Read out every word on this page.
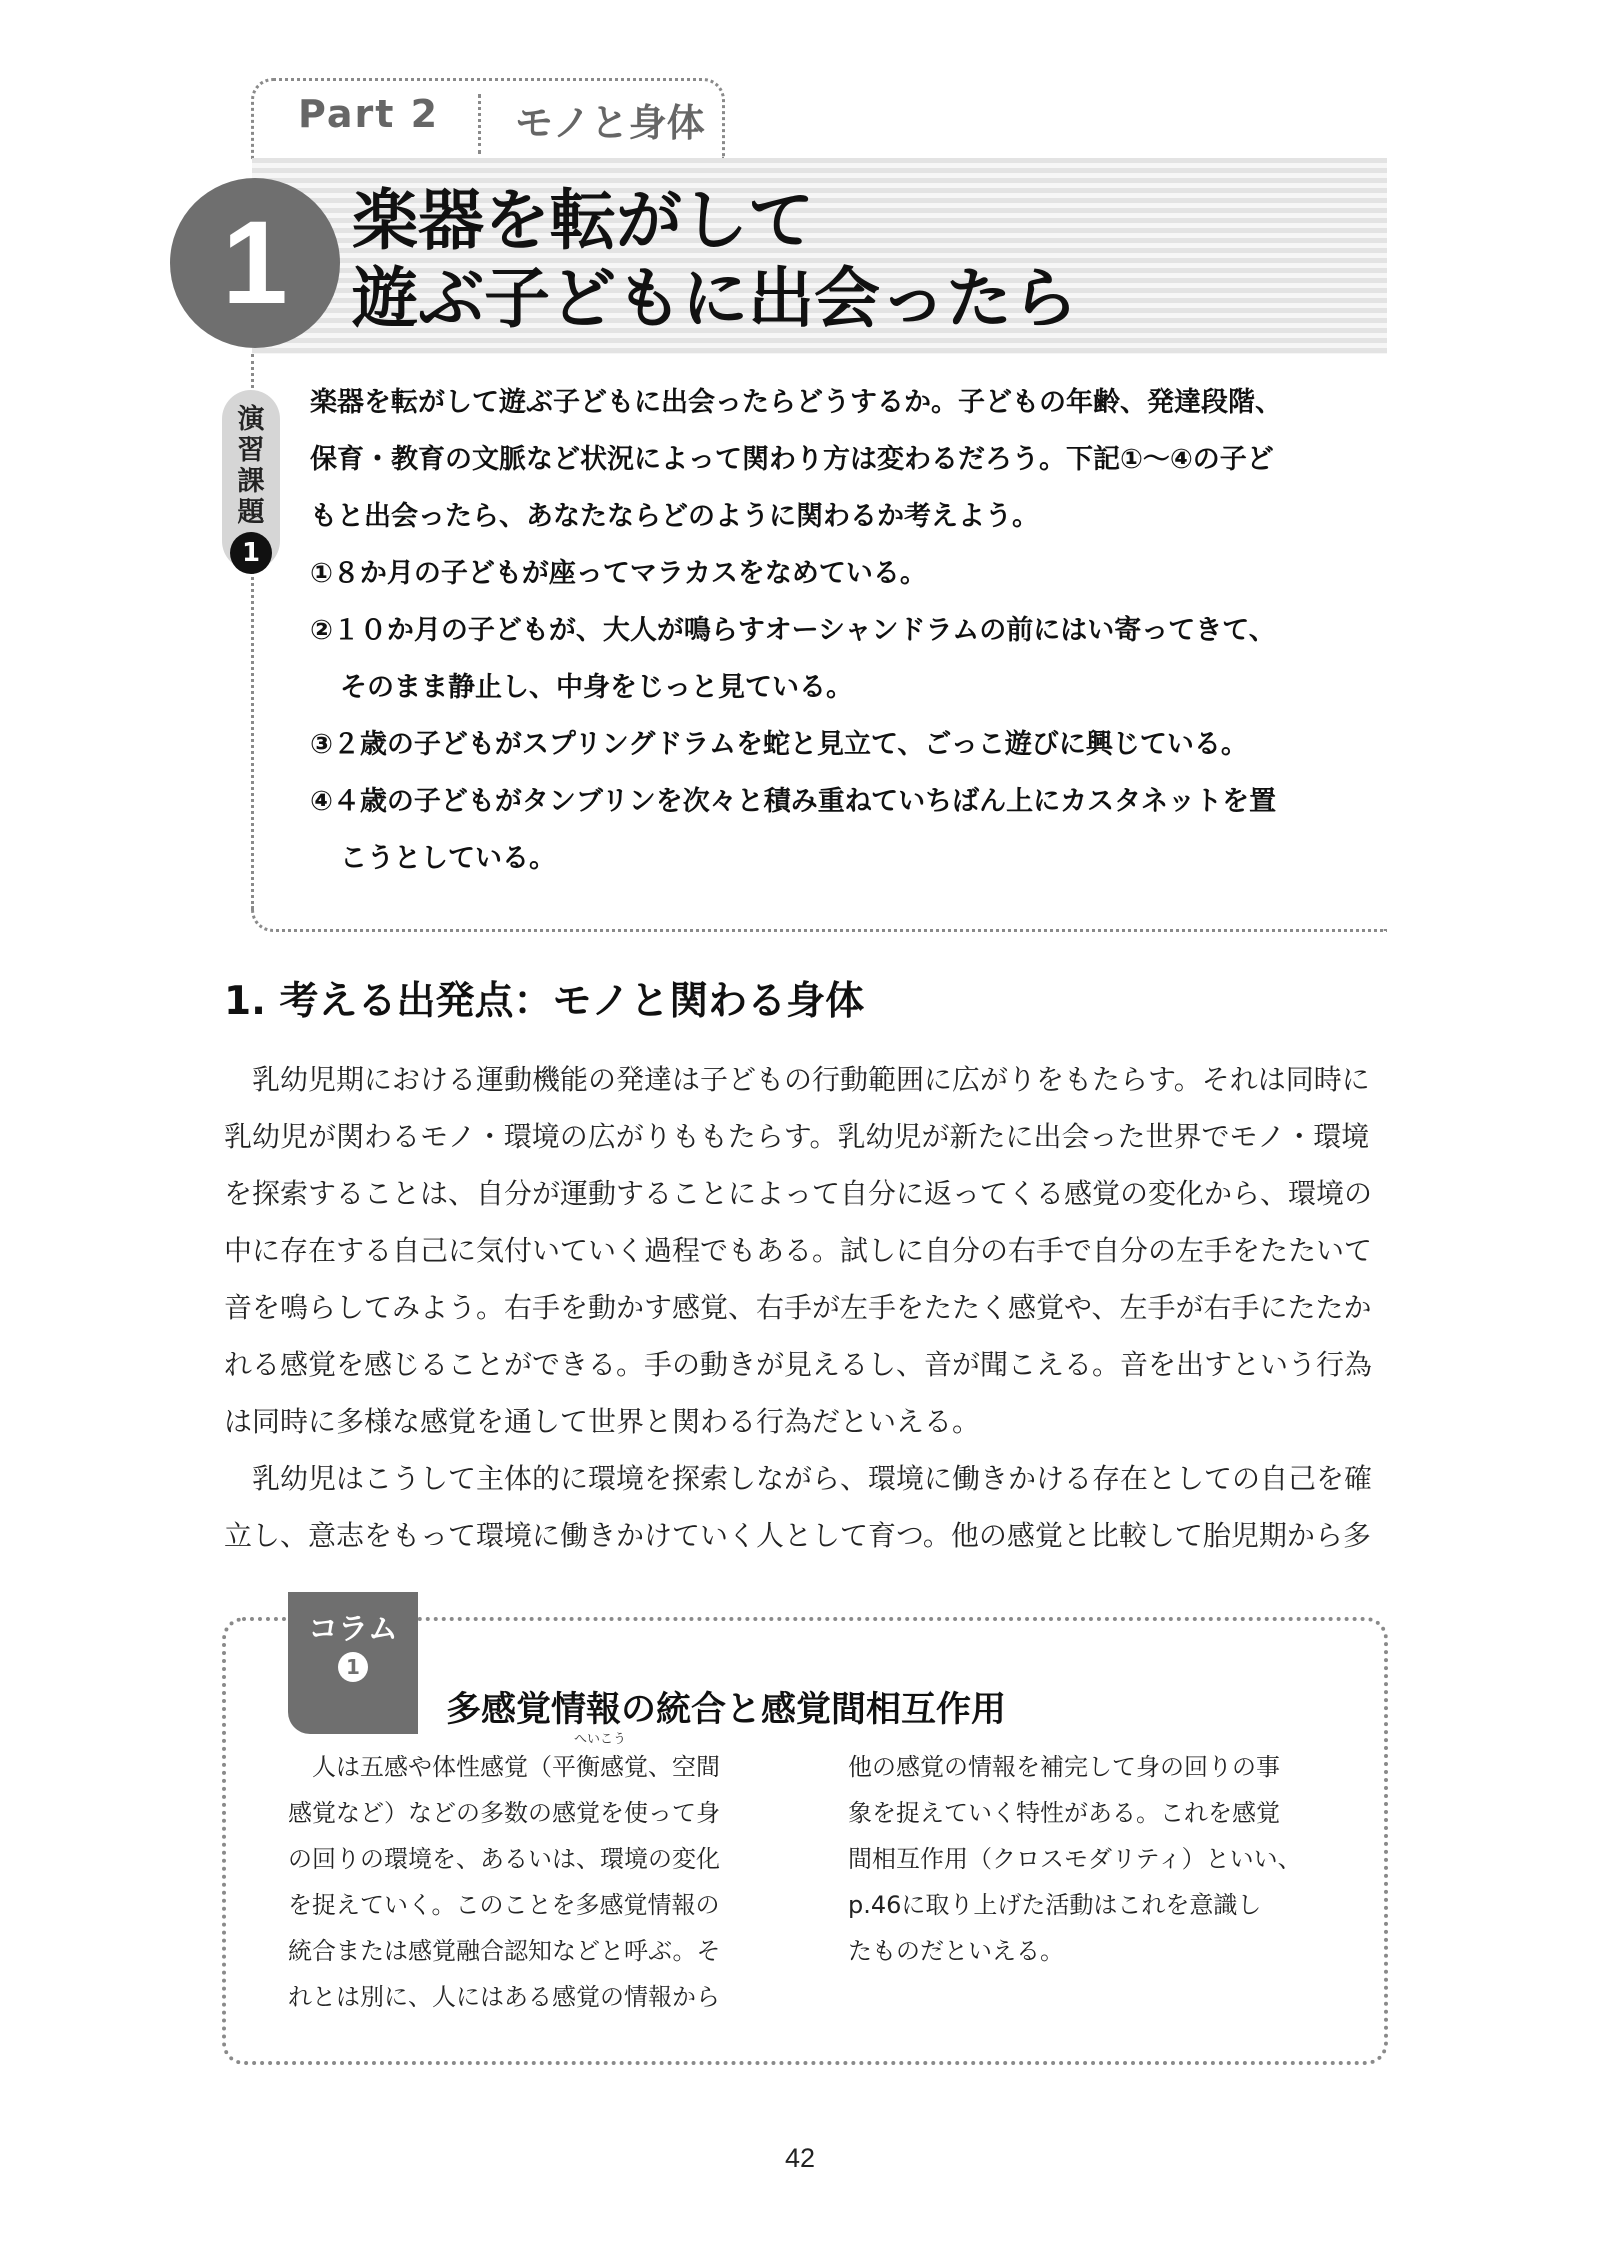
Part 2 モノと身体
1 楽器を転がして
遊ぶ子どもに出会ったら
演
習
課
題
1
楽器を転がして遊ぶ子どもに出会ったらどうするか。子どもの年齢、発達段階、
保育・教育の文脈など状況によって関わり方は変わるだろう。下記①～④の子ど
もと出会ったら、あなたならどのように関わるか考えよう。
①８か月の子どもが座ってマラカスをなめている。
②１０か月の子どもが、大人が鳴らすオーシャンドラムの前にはい寄ってきて、
そのまま静止し、中身をじっと見ている。
③２歳の子どもがスプリングドラムを蛇と見立て、ごっこ遊びに興じている。
④４歳の子どもがタンブリンを次々と積み重ねていちばん上にカスタネットを置
こうとしている。
1. 考える出発点：モノと関わる身体
　乳幼児期における運動機能の発達は子どもの行動範囲に広がりをもたらす。それは同時に
乳幼児が関わるモノ・環境の広がりももたらす。乳幼児が新たに出会った世界でモノ・環境
を探索することは、自分が運動することによって自分に返ってくる感覚の変化から、環境の
中に存在する自己に気付いていく過程でもある。試しに自分の右手で自分の左手をたたいて
音を鳴らしてみよう。右手を動かす感覚、右手が左手をたたく感覚や、左手が右手にたたか
れる感覚を感じることができる。手の動きが見えるし、音が聞こえる。音を出すという行為
は同時に多様な感覚を通して世界と関わる行為だといえる。
　乳幼児はこうして主体的に環境を探索しながら、環境に働きかける存在としての自己を確
立し、意志をもって環境に働きかけていく人として育つ。他の感覚と比較して胎児期から多
コラム
1
多感覚情報の統合と感覚間相互作用
へいこう
　人は五感や体性感覚（平衡感覚、空間
感覚など）などの多数の感覚を使って身
の回りの環境を、あるいは、環境の変化
を捉えていく。このことを多感覚情報の
統合または感覚融合認知などと呼ぶ。そ
れとは別に、人にはある感覚の情報から
他の感覚の情報を補完して身の回りの事
象を捉えていく特性がある。これを感覚
間相互作用（クロスモダリティ）といい、
p.46に取り上げた活動はこれを意識し
たものだといえる。
42
